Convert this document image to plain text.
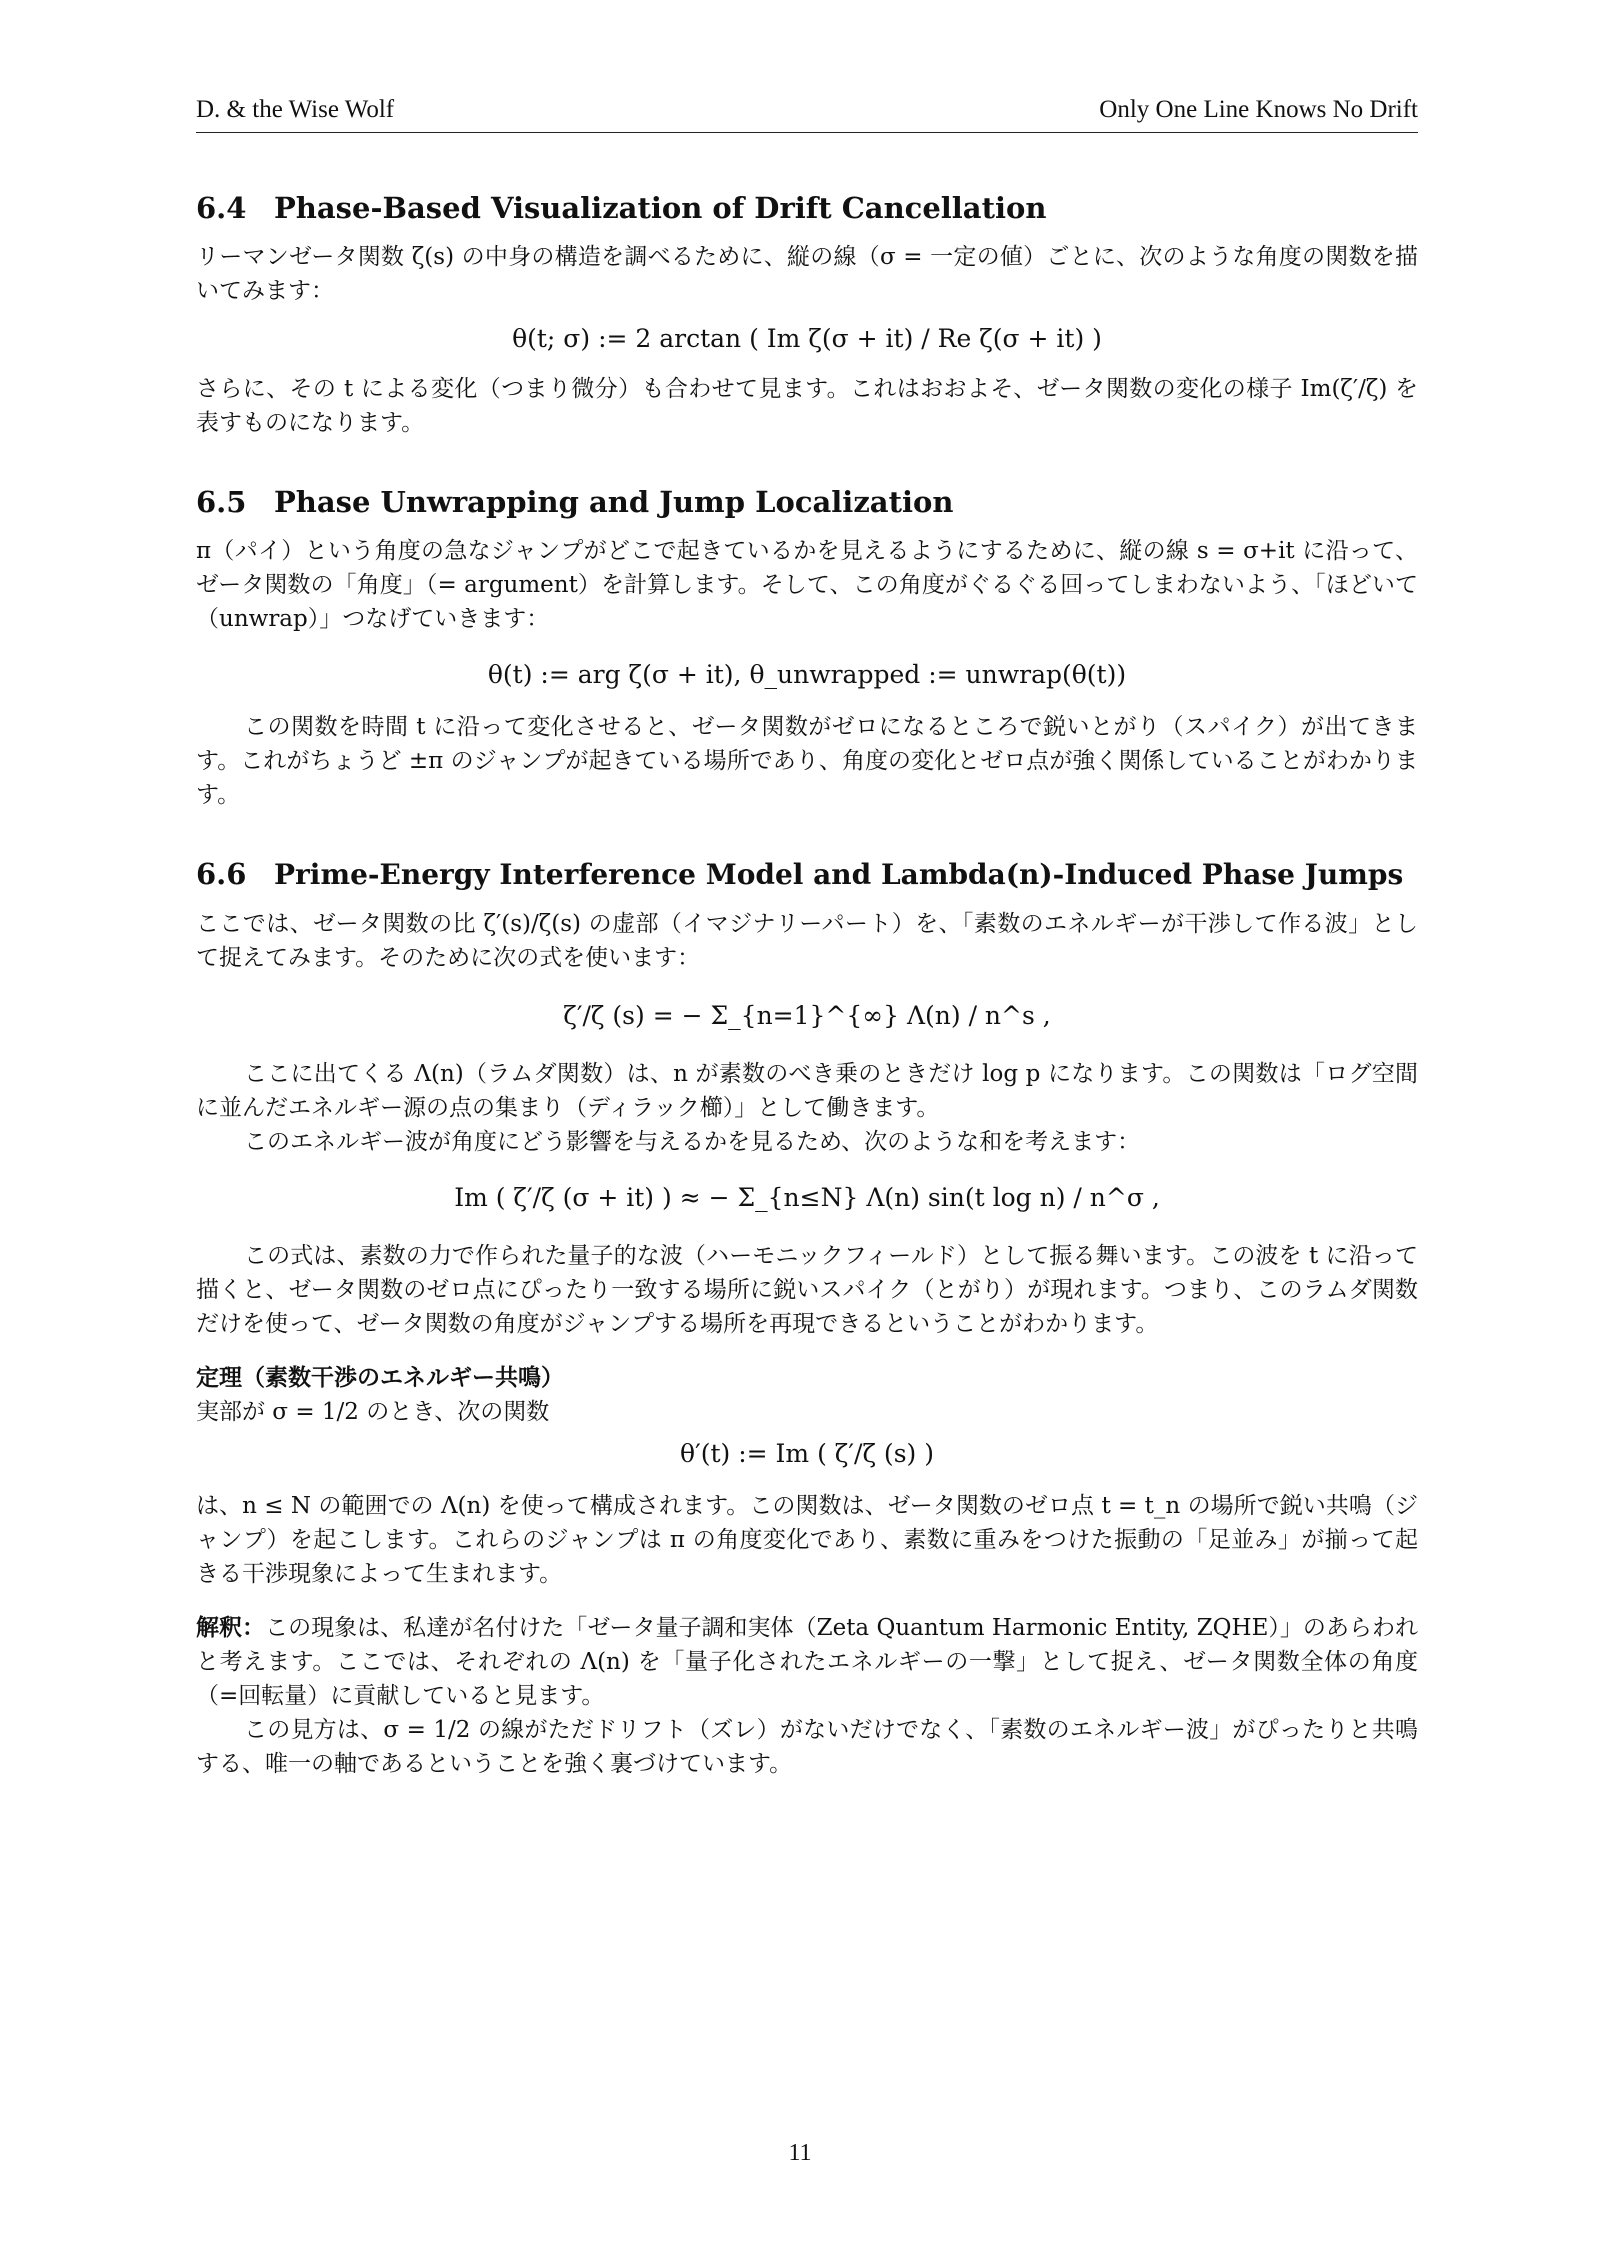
D. & the Wise Wolf	Only One Line Knows No Drift
6.4 Phase-Based Visualization of Drift Cancellation

リーマンゼータ関数 ζ(s) の中身の構造を調べるために、縦の線（σ = 一定の値）ごとに、次のような角度の関数を描いてみます：

θ(t; σ) := 2 arctan ( Im ζ(σ + it) / Re ζ(σ + it) )

さらに、その t による変化（つまり微分）も合わせて見ます。これはおおよそ、ゼータ関数の変化の様子 Im(ζ′/ζ) を表すものになります。

6.5 Phase Unwrapping and Jump Localization

π（パイ）という角度の急なジャンプがどこで起きているかを見えるようにするために、縦の線 s = σ+it に沿って、ゼータ関数の「角度」（= argument）を計算します。そして、この角度がぐるぐる回ってしまわないよう、「ほどいて（unwrap）」つなげていきます：

θ(t) := arg ζ(σ + it), θ_unwrapped := unwrap(θ(t))

この関数を時間 t に沿って変化させると、ゼータ関数がゼロになるところで鋭いとがり（スパイク）が出てきます。これがちょうど ±π のジャンプが起きている場所であり、角度の変化とゼロ点が強く関係していることがわかります。

6.6 Prime-Energy Interference Model and Lambda(n)-Induced Phase Jumps

ここでは、ゼータ関数の比 ζ′(s)/ζ(s) の虚部（イマジナリーパート）を、「素数のエネルギーが干渉して作る波」として捉えてみます。そのために次の式を使います：

ζ′/ζ (s) = − Σ_{n=1}^{∞} Λ(n) / n^s ,

ここに出てくる Λ(n)（ラムダ関数）は、n が素数のべき乗のときだけ log p になります。この関数は「ログ空間に並んだエネルギー源の点の集まり（ディラック櫛）」として働きます。

このエネルギー波が角度にどう影響を与えるかを見るため、次のような和を考えます：

Im ( ζ′/ζ (σ + it) ) ≈ − Σ_{n≤N} Λ(n) sin(t log n) / n^σ ,

この式は、素数の力で作られた量子的な波（ハーモニックフィールド）として振る舞います。この波を t に沿って描くと、ゼータ関数のゼロ点にぴったり一致する場所に鋭いスパイク（とがり）が現れます。つまり、このラムダ関数だけを使って、ゼータ関数の角度がジャンプする場所を再現できるということがわかります。

定理（素数干渉のエネルギー共鳴）

実部が σ = 1/2 のとき、次の関数

θ′(t) := Im ( ζ′/ζ (s) )

は、n ≤ N の範囲での Λ(n) を使って構成されます。この関数は、ゼータ関数のゼロ点 t = t_n の場所で鋭い共鳴（ジャンプ）を起こします。これらのジャンプは π の角度変化であり、素数に重みをつけた振動の「足並み」が揃って起きる干渉現象によって生まれます。

解釈：この現象は、私達が名付けた「ゼータ量子調和実体（Zeta Quantum Harmonic Entity, ZQHE）」のあらわれと考えます。ここでは、それぞれの Λ(n) を「量子化されたエネルギーの一撃」として捉え、ゼータ関数全体の角度（=回転量）に貢献していると見ます。

この見方は、σ = 1/2 の線がただドリフト（ズレ）がないだけでなく、「素数のエネルギー波」がぴったりと共鳴する、唯一の軸であるということを強く裏づけています。

11
